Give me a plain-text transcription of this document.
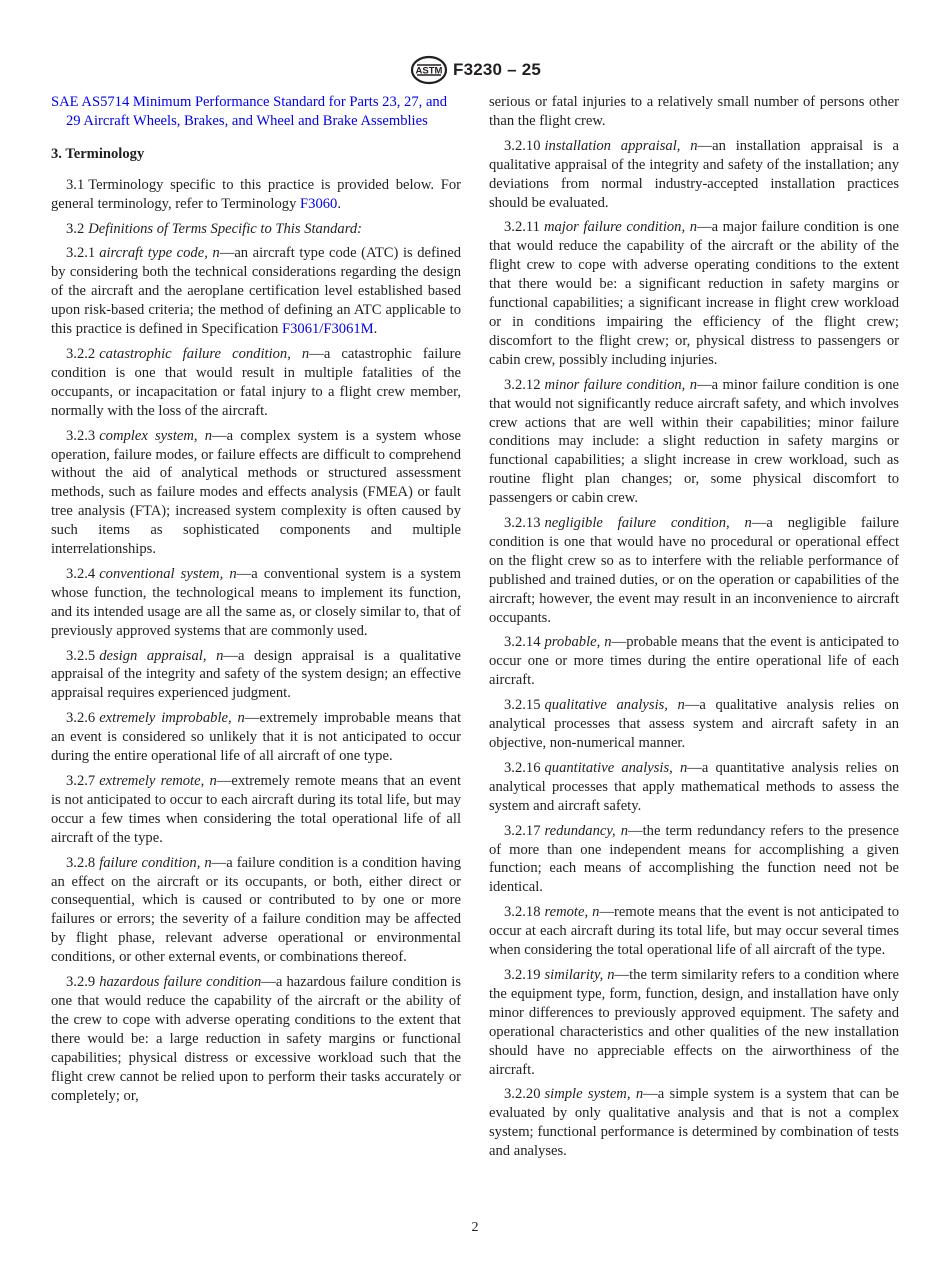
ASTM F3230 – 25

SAE AS5714 Minimum Performance Standard for Parts 23, 27, and 29 Aircraft Wheels, Brakes, and Wheel and Brake Assemblies

3. Terminology

3.1 Terminology specific to this practice is provided below. For general terminology, refer to Terminology F3060.

3.2 Definitions of Terms Specific to This Standard:

3.2.1 aircraft type code, n—an aircraft type code (ATC) is defined by considering both the technical considerations regarding the design of the aircraft and the aeroplane certification level established based upon risk-based criteria; the method of defining an ATC applicable to this practice is defined in Specification F3061/F3061M.

3.2.2 catastrophic failure condition, n—a catastrophic failure condition is one that would result in multiple fatalities of the occupants, or incapacitation or fatal injury to a flight crew member, normally with the loss of the aircraft.

3.2.3 complex system, n—a complex system is a system whose operation, failure modes, or failure effects are difficult to comprehend without the aid of analytical methods or structured assessment methods, such as failure modes and effects analysis (FMEA) or fault tree analysis (FTA); increased system complexity is often caused by such items as sophisticated components and multiple interrelationships.

3.2.4 conventional system, n—a conventional system is a system whose function, the technological means to implement its function, and its intended usage are all the same as, or closely similar to, that of previously approved systems that are commonly used.

3.2.5 design appraisal, n—a design appraisal is a qualitative appraisal of the integrity and safety of the system design; an effective appraisal requires experienced judgment.

3.2.6 extremely improbable, n—extremely improbable means that an event is considered so unlikely that it is not anticipated to occur during the entire operational life of all aircraft of one type.

3.2.7 extremely remote, n—extremely remote means that an event is not anticipated to occur to each aircraft during its total life, but may occur a few times when considering the total operational life of all aircraft of the type.

3.2.8 failure condition, n—a failure condition is a condition having an effect on the aircraft or its occupants, or both, either direct or consequential, which is caused or contributed to by one or more failures or errors; the severity of a failure condition may be affected by flight phase, relevant adverse operational or environmental conditions, or other external events, or combinations thereof.

3.2.9 hazardous failure condition—a hazardous failure condition is one that would reduce the capability of the aircraft or the ability of the crew to cope with adverse operating conditions to the extent that there would be: a large reduction in safety margins or functional capabilities; physical distress or excessive workload such that the flight crew cannot be relied upon to perform their tasks accurately or completely; or,

serious or fatal injuries to a relatively small number of persons other than the flight crew.

3.2.10 installation appraisal, n—an installation appraisal is a qualitative appraisal of the integrity and safety of the installation; any deviations from normal industry-accepted installation practices should be evaluated.

3.2.11 major failure condition, n—a major failure condition is one that would reduce the capability of the aircraft or the ability of the flight crew to cope with adverse operating conditions to the extent that there would be: a significant reduction in safety margins or functional capabilities; a significant increase in flight crew workload or in conditions impairing the efficiency of the flight crew; discomfort to the flight crew; or, physical distress to passengers or cabin crew, possibly including injuries.

3.2.12 minor failure condition, n—a minor failure condition is one that would not significantly reduce aircraft safety, and which involves crew actions that are well within their capabilities; minor failure conditions may include: a slight reduction in safety margins or functional capabilities; a slight increase in crew workload, such as routine flight plan changes; or, some physical discomfort to passengers or cabin crew.

3.2.13 negligible failure condition, n—a negligible failure condition is one that would have no procedural or operational effect on the flight crew so as to interfere with the reliable performance of published and trained duties, or on the operation or capabilities of the aircraft; however, the event may result in an inconvenience to aircraft occupants.

3.2.14 probable, n—probable means that the event is anticipated to occur one or more times during the entire operational life of each aircraft.

3.2.15 qualitative analysis, n—a qualitative analysis relies on analytical processes that assess system and aircraft safety in an objective, non-numerical manner.

3.2.16 quantitative analysis, n—a quantitative analysis relies on analytical processes that apply mathematical methods to assess the system and aircraft safety.

3.2.17 redundancy, n—the term redundancy refers to the presence of more than one independent means for accomplishing a given function; each means of accomplishing the function need not be identical.

3.2.18 remote, n—remote means that the event is not anticipated to occur at each aircraft during its total life, but may occur several times when considering the total operational life of all aircraft of the type.

3.2.19 similarity, n—the term similarity refers to a condition where the equipment type, form, function, design, and installation have only minor differences to previously approved equipment. The safety and operational characteristics and other qualities of the new installation should have no appreciable effects on the airworthiness of the aircraft.

3.2.20 simple system, n—a simple system is a system that can be evaluated by only qualitative analysis and that is not a complex system; functional performance is determined by combination of tests and analyses.

2
